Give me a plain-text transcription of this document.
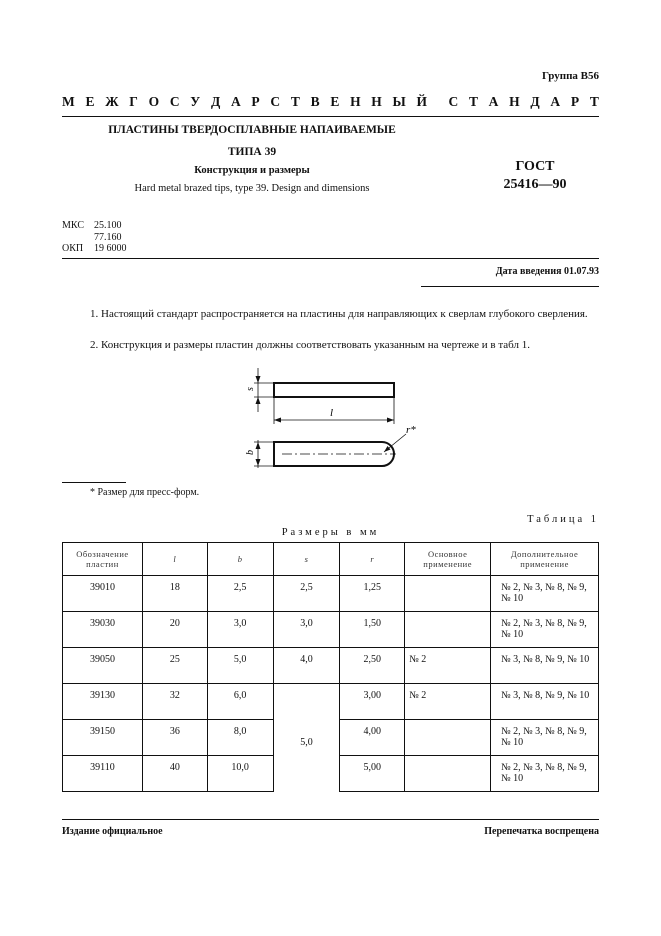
Группа В56
М Е Ж Г О С У Д А Р С Т В Е Н Н Ы Й С Т А Н Д А Р Т
ПЛАСТИНЫ ТВЕРДОСПЛАВНЫЕ НАПАИВАЕМЫЕ
ТИПА 39
Конструкция и размеры
Hard metal brazed tips, type 39. Design and dimensions
ГОСТ
25416—90
МКС 25.100
77.160
ОКП 19 6000
Дата введения 01.07.93
1. Настоящий стандарт распространяется на пластины для направляющих к сверлам глубокого сверления.
2. Конструкция и размеры пластин должны соответствовать указанным на чертеже и в табл 1.
s
l
b
r*
* Размер для пресс-форм.
Таблица 1
Размеры в мм
Обозначение пластин	l	b	s	r	Основное применение	Дополнительное применение
39010	18	2,5	2,5	1,25		№ 2, № 3, № 8, № 9, № 10
39030	20	3,0	3,0	1,50		№ 2, № 3, № 8, № 9, № 10
39050	25	5,0	4,0	2,50	№ 2	№ 3, № 8, № 9, № 10
39130	32	6,0	5,0	3,00	№ 2	№ 3, № 8, № 9, № 10
39150	36	8,0		4,00		№ 2, № 3, № 8, № 9, № 10
39110	40	10,0		5,00		№ 2, № 3, № 8, № 9, № 10
Издание официальное	Перепечатка воспрещена
